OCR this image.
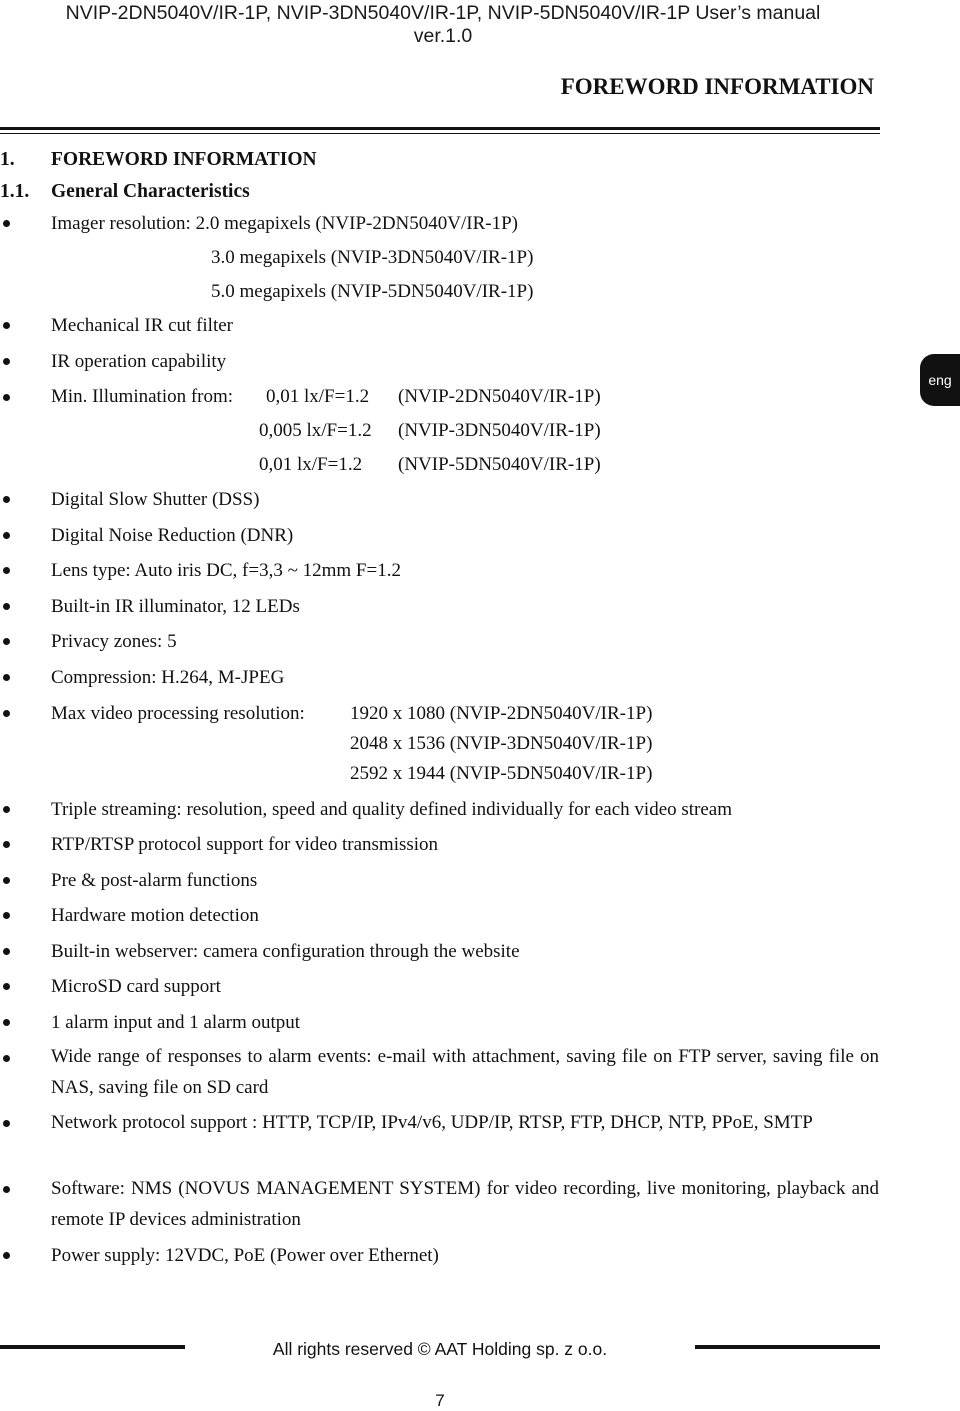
NVIP-2DN5040V/IR-1P, NVIP-3DN5040V/IR-1P, NVIP-5DN5040V/IR-1P User’s manual
ver.1.0
FOREWORD INFORMATION
1. FOREWORD INFORMATION
1.1. General Characteristics
eng
Imager resolution: 2.0 megapixels (NVIP-2DN5040V/IR-1P)
3.0 megapixels (NVIP-3DN5040V/IR-1P)
5.0 megapixels (NVIP-5DN5040V/IR-1P)
Mechanical IR cut filter
IR operation capability
Min. Illumination from: 0,01 lx/F=1.2 (NVIP-2DN5040V/IR-1P)
0,005 lx/F=1.2 (NVIP-3DN5040V/IR-1P)
0,01 lx/F=1.2 (NVIP-5DN5040V/IR-1P)
Digital Slow Shutter (DSS)
Digital Noise Reduction (DNR)
Lens type: Auto iris DC, f=3,3 ~ 12mm F=1.2
Built-in IR illuminator, 12 LEDs
Privacy zones: 5
Compression: H.264, M-JPEG
Max video processing resolution: 1920 x 1080 (NVIP-2DN5040V/IR-1P)
2048 x 1536 (NVIP-3DN5040V/IR-1P)
2592 x 1944 (NVIP-5DN5040V/IR-1P)
Triple streaming: resolution, speed and quality defined individually for each video stream
RTP/RTSP protocol support for video transmission
Pre & post-alarm functions
Hardware motion detection
Built-in webserver: camera configuration through the website
MicroSD card support
1 alarm input and 1 alarm output
Wide range of responses to alarm events: e-mail with attachment, saving file on FTP server, saving file on NAS, saving file on SD card
Network protocol support : HTTP, TCP/IP, IPv4/v6, UDP/IP, RTSP, FTP, DHCP, NTP, PPoE, SMTP
Software: NMS (NOVUS MANAGEMENT SYSTEM) for video recording, live monitoring, playback and remote IP devices administration
Power supply: 12VDC, PoE (Power over Ethernet)
All rights reserved © AAT Holding sp. z o.o.
7
